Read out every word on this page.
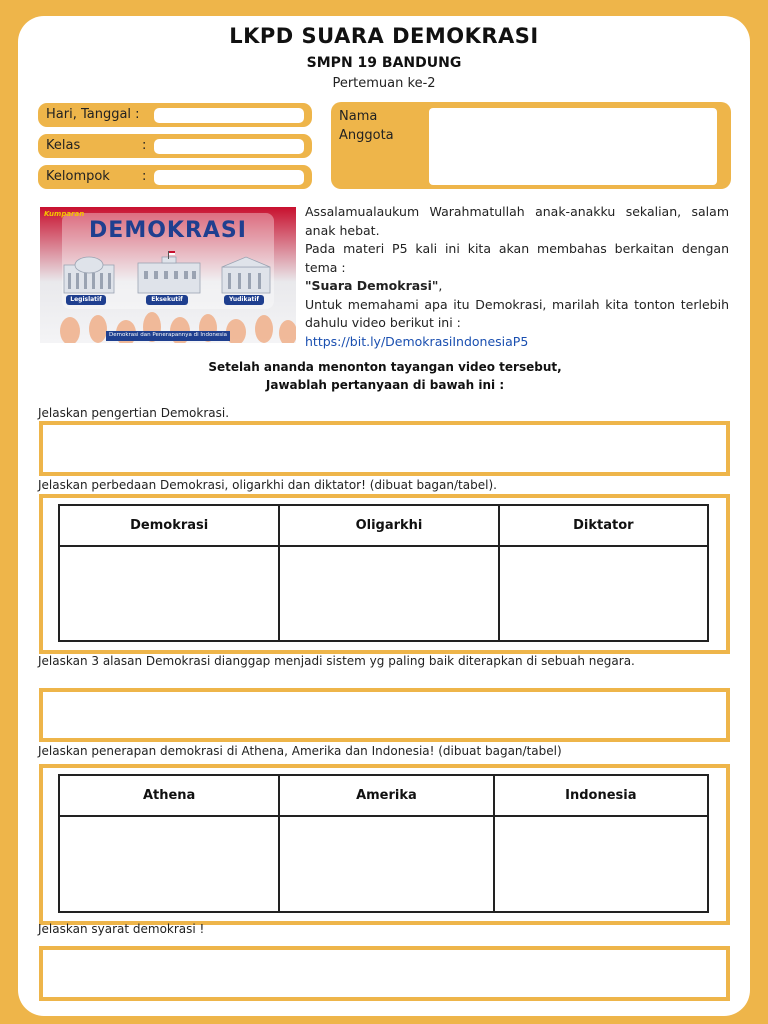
LKPD SUARA DEMOKRASI
SMPN 19 BANDUNG
Pertemuan ke-2
Hari, Tanggal :
Kelas	:
Kelompok :
Nama Anggota
Kumparan
DEMOKRASI
Legislatif	Eksekutif	Yudikatif
Demokrasi dan Penerapannya di Indonesia

Assalamualaukum Warahmatullah anak-anakku sekalian, salam anak hebat.

Pada materi P5 kali ini kita akan membahas berkaitan dengan tema :

"Suara Demokrasi",

Untuk memahami apa itu Demokrasi, marilah kita tonton terlebih dahulu video berikut ini :

https://bit.ly/DemokrasiIndonesiaP5

Setelah ananda menonton tayangan video tersebut,
Jawablah pertanyaan di bawah ini :
Jelaskan pengertian Demokrasi.
Jelaskan perbedaan Demokrasi, oligarkhi dan diktator! (dibuat bagan/tabel).
Demokrasi	Oligarkhi	Diktator

Jelaskan 3 alasan Demokrasi dianggap menjadi sistem yg paling baik diterapkan di sebuah negara.
Jelaskan penerapan demokrasi di Athena, Amerika dan Indonesia! (dibuat bagan/tabel)
Athena	Amerika	Indonesia

Jelaskan syarat demokrasi !
